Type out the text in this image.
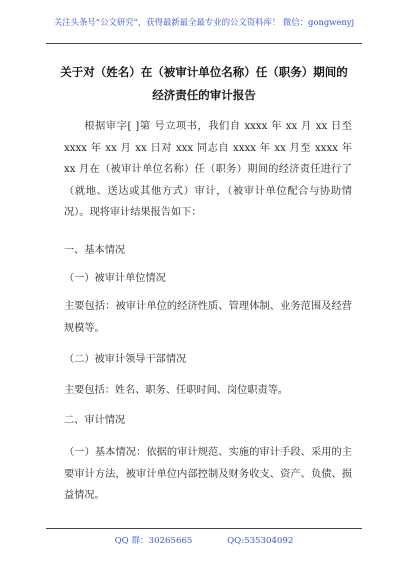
关注头条号“公文研究”，获得最新最全最专业的公文资料库！ 微信：gongwenyj
关于对（姓名）在（被审计单位名称）任（职务）期间的
经济责任的审计报告

根据审字[ ]第 号立项书，我们自 xxxx 年 xx 月 xx 日至 xxxx 年 xx 月 xx 日对 xxx 同志自 xxxx 年 xx 月至 xxxx 年 xx 月在（被审计单位名称）任（职务）期间的经济责任进行了（就地、送达或其他方式）审计，（被审计单位配合与协助情况）。现将审计结果报告如下：

一、基本情况
（一）被审计单位情况

主要包括：被审计单位的经济性质、管理体制、业务范围及经营规模等。

（二）被审计领导干部情况

主要包括：姓名、职务、任职时间、岗位职责等。

二、审计情况

（一）基本情况：依据的审计规范、实施的审计手段、采用的主要审计方法，被审计单位内部控制及财务收支、资产、负债、损益情况。

QQ 群：30265665	QQ:535304092
